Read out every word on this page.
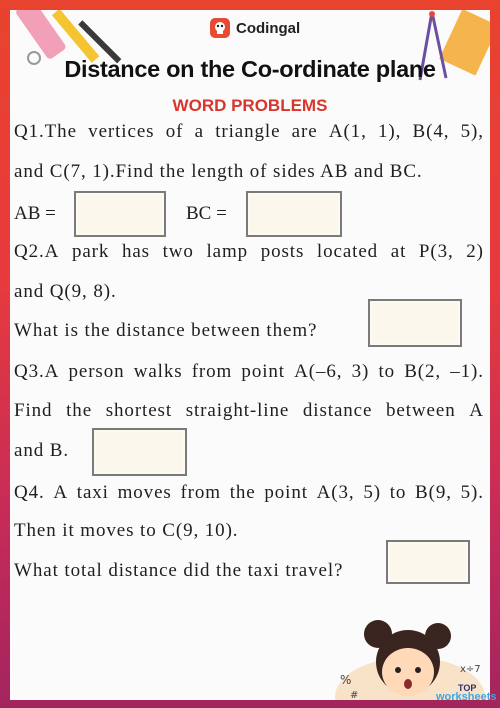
Codingal
Distance on the Co-ordinate plane
WORD PROBLEMS
Q1.The vertices of a triangle are A(1, 1), B(4, 5),
and C(7, 1).Find the length of sides AB and BC.
AB =	BC =
Q2.A park has two lamp posts located at P(3, 2)
and Q(9, 8).
What is the distance between them?
Q3.A person walks from point A(–6, 3) to B(2, –1).
Find the shortest straight-line distance between A
and B.
Q4. A taxi moves from the point A(3, 5) to B(9, 5).
Then it moves to C(9, 10).
What total distance did the taxi travel?
%
x÷7
#
TOP
worksheets
